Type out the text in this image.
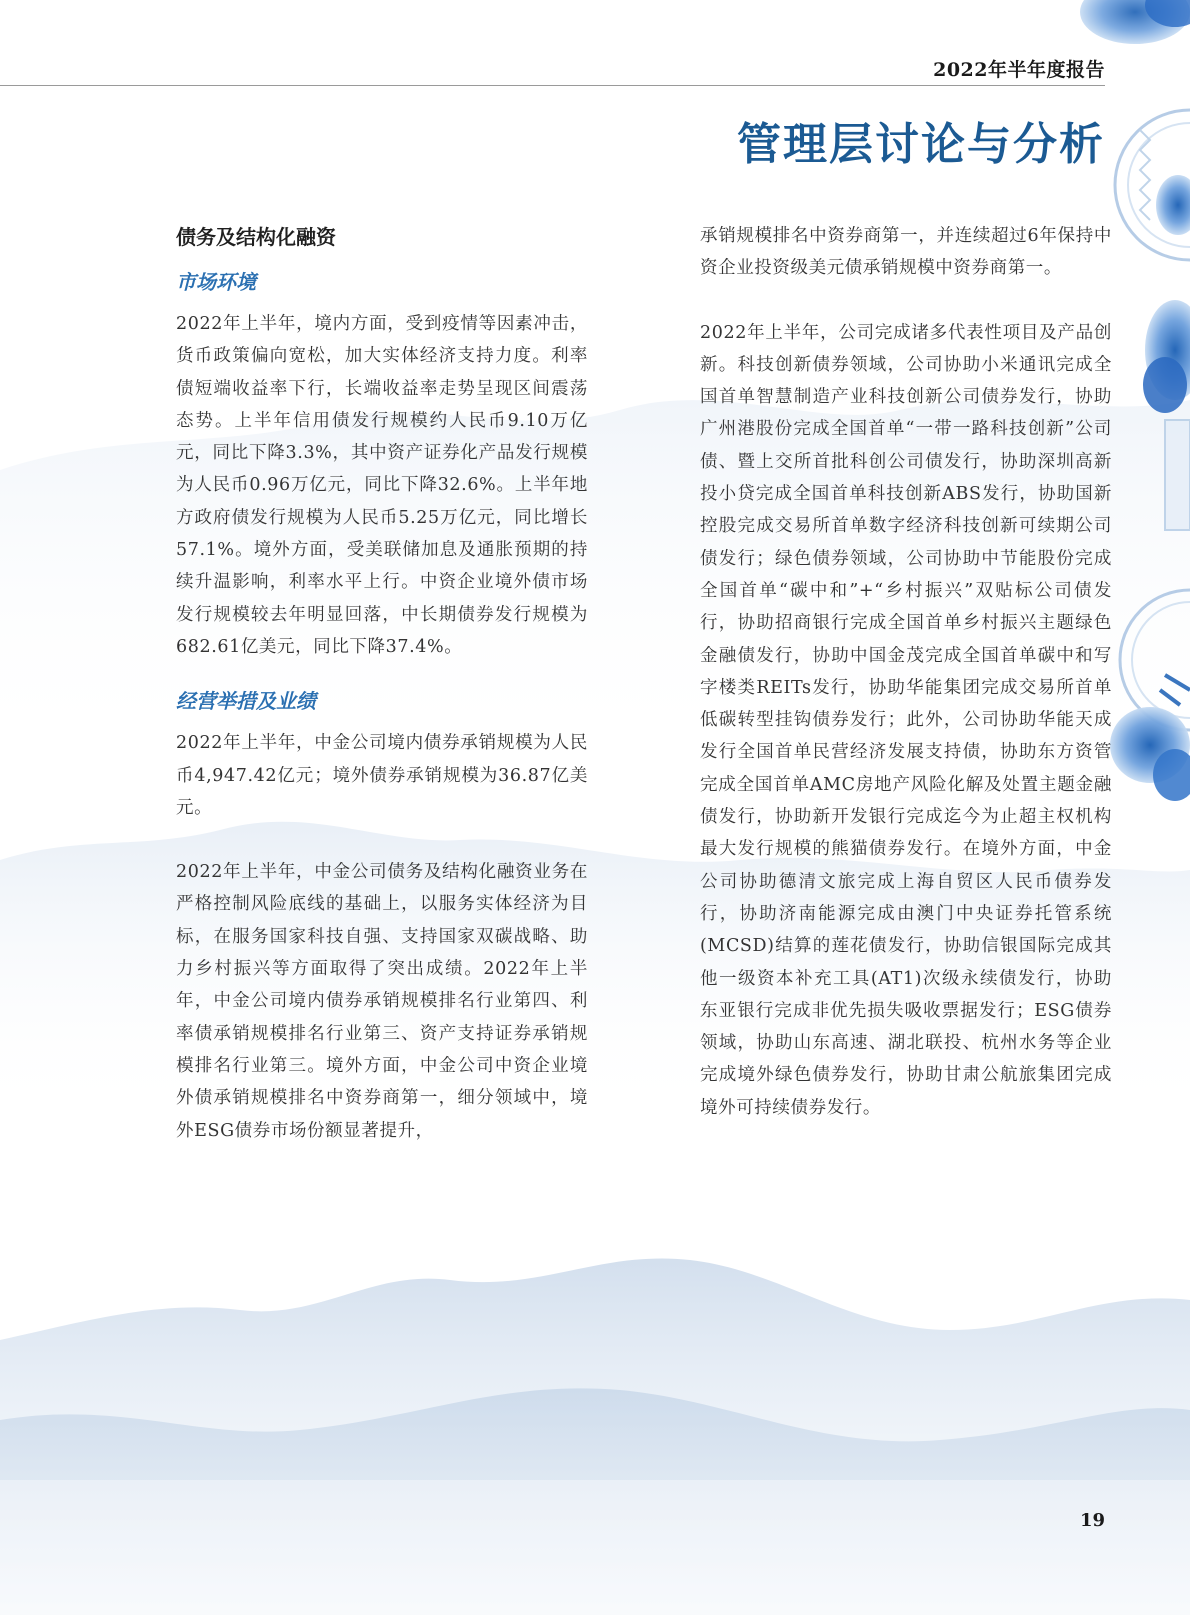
2022年半年度报告
管理层讨论与分析
债务及结构化融资
市场环境

2022年上半年，境内方面，受到疫情等因素冲击，货币政策偏向宽松，加大实体经济支持力度。利率债短端收益率下行，长端收益率走势呈现区间震荡态势。上半年信用债发行规模约人民币9.10万亿元，同比下降3.3%，其中资产证券化产品发行规模为人民币0.96万亿元，同比下降32.6%。上半年地方政府债发行规模为人民币5.25万亿元，同比增长57.1%。境外方面，受美联储加息及通胀预期的持续升温影响，利率水平上行。中资企业境外债市场发行规模较去年明显回落，中长期债券发行规模为682.61亿美元，同比下降37.4%。

经营举措及业绩

2022年上半年，中金公司境内债券承销规模为人民币4,947.42亿元；境外债券承销规模为36.87亿美元。

2022年上半年，中金公司债务及结构化融资业务在严格控制风险底线的基础上，以服务实体经济为目标，在服务国家科技自强、支持国家双碳战略、助力乡村振兴等方面取得了突出成绩。2022年上半年，中金公司境内债券承销规模排名行业第四、利率债承销规模排名行业第三、资产支持证券承销规模排名行业第三。境外方面，中金公司中资企业境外债承销规模排名中资券商第一，细分领域中，境外ESG债券市场份额显著提升，

承销规模排名中资券商第一，并连续超过6年保持中资企业投资级美元债承销规模中资券商第一。

2022年上半年，公司完成诸多代表性项目及产品创新。科技创新债券领域，公司协助小米通讯完成全国首单智慧制造产业科技创新公司债券发行，协助广州港股份完成全国首单“一带一路科技创新”公司债、暨上交所首批科创公司债发行，协助深圳高新投小贷完成全国首单科技创新ABS发行，协助国新控股完成交易所首单数字经济科技创新可续期公司债发行；绿色债券领域，公司协助中节能股份完成全国首单“碳中和”+“乡村振兴”双贴标公司债发行，协助招商银行完成全国首单乡村振兴主题绿色金融债发行，协助中国金茂完成全国首单碳中和写字楼类REITs发行，协助华能集团完成交易所首单低碳转型挂钩债券发行；此外，公司协助华能天成发行全国首单民营经济发展支持债，协助东方资管完成全国首单AMC房地产风险化解及处置主题金融债发行，协助新开发银行完成迄今为止超主权机构最大发行规模的熊猫债券发行。在境外方面，中金公司协助德清文旅完成上海自贸区人民币债券发行，协助济南能源完成由澳门中央证券托管系统(MCSD)结算的莲花债发行，协助信银国际完成其他一级资本补充工具(AT1)次级永续债发行，协助东亚银行完成非优先损失吸收票据发行；ESG债券领域，协助山东高速、湖北联投、杭州水务等企业完成境外绿色债券发行，协助甘肃公航旅集团完成境外可持续债券发行。

19
